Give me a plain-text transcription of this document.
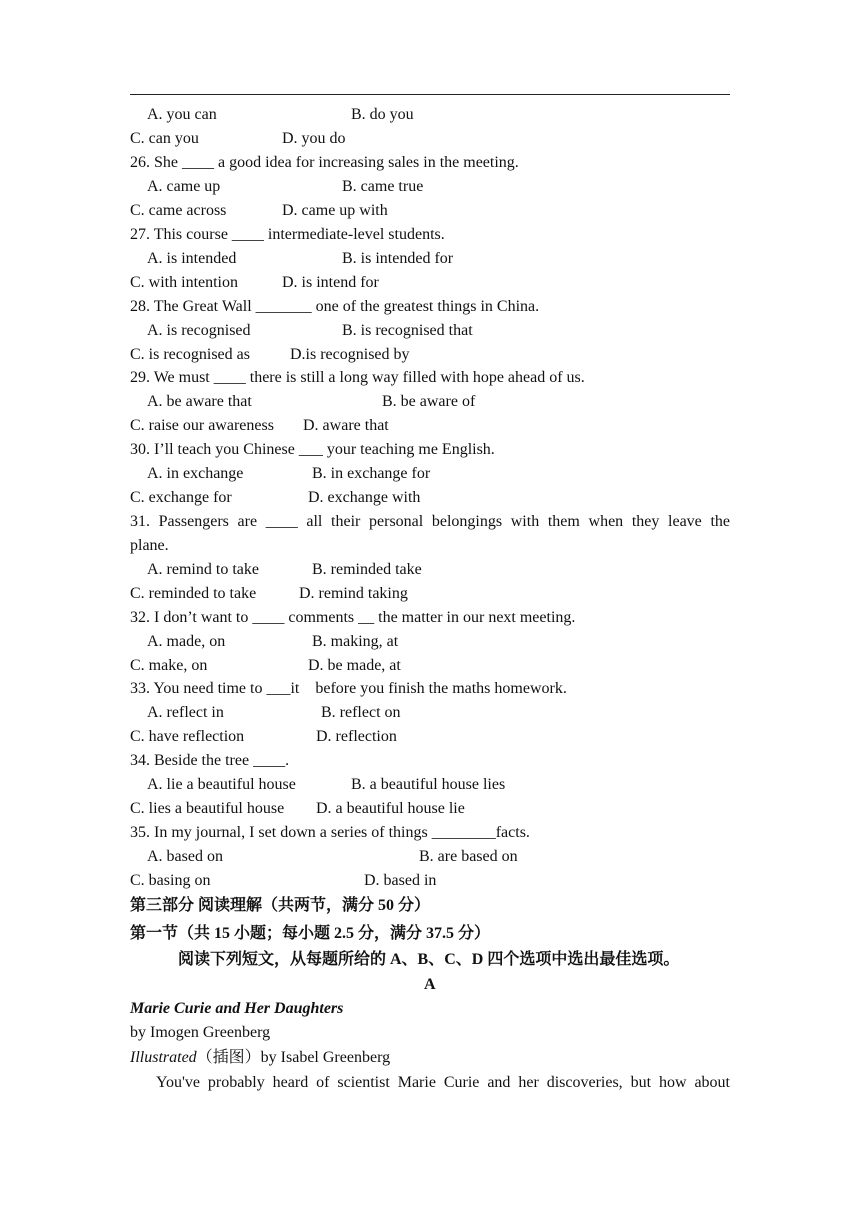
A. you can

	B. do you

C. can you

	D. you do

26. She ____ a good idea for increasing sales in the meeting.

A. came up

	B. came true

C. came across

	D. came up with

27. This course ____ intermediate-level students.

A. is intended

	B. is intended for

C. with intention

	D. is intend for

28. The Great Wall _______ one of the greatest things in China.

A. is recognised

	B. is recognised that

C. is recognised as

	D.is recognised by

29. We must ____ there is still a long way filled with hope ahead of us.

A. be aware that

	B. be aware of

C. raise our awareness

D. aware that

30. I’ll teach you Chinese ___ your teaching me English.

A. in exchange

	B. in exchange for

C. exchange for

	D. exchange with

31. Passengers are ____ all their personal belongings with them when they leave the

plane.

A. remind to take

	B. reminded take

C. reminded to take

	D. remind taking

32. I don’t want to ____ comments __ the matter in our next meeting.

A. made, on

	B. making, at

C. make, on

	D. be made, at

33. You need time to ___it    before you finish the maths homework.

A. reflect in

	B. reflect on

C. have reflection

	D. reflection

34. Beside the tree ____.

A. lie a beautiful house

	B. a beautiful house lies

C. lies a beautiful house

D. a beautiful house lie

35. In my journal, I set down a series of things ________facts.

A. based on

	B. are based on

C. basing on

	D. based in

第三部分 阅读理解（共两节，满分 50 分）

第一节（共 15 小题；每小题 2.5 分，满分 37.5 分）

阅读下列短文，从每题所给的 A、B、C、D 四个选项中选出最佳选项。

A

Marie Curie and Her Daughters

by Imogen Greenberg

Illustrated（插图）by Isabel Greenberg

You've probably heard of scientist Marie Curie and her discoveries, but how about
